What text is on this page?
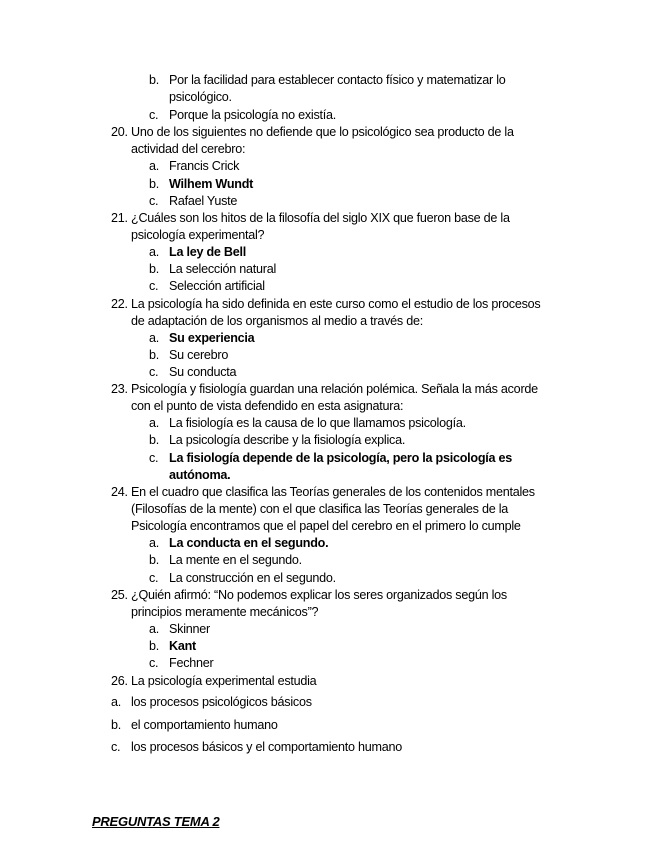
b. Por la facilidad para establecer contacto físico y matematizar lo
psicológico.
c. Porque la psicología no existía.
20. Uno de los siguientes no defiende que lo psicológico sea producto de la
actividad del cerebro:
a. Francis Crick
b. Wilhem Wundt
c. Rafael Yuste
21. ¿Cuáles son los hitos de la filosofía del siglo XIX que fueron base de la
psicología experimental?
a. La ley de Bell
b. La selección natural
c. Selección artificial
22. La psicología ha sido definida en este curso como el estudio de los procesos
de adaptación de los organismos al medio a través de:
a. Su experiencia
b. Su cerebro
c. Su conducta
23. Psicología y fisiología guardan una relación polémica. Señala la más acorde
con el punto de vista defendido en esta asignatura:
a. La fisiología es la causa de lo que llamamos psicología.
b. La psicología describe y la fisiología explica.
c. La fisiología depende de la psicología, pero la psicología es
autónoma.
24. En el cuadro que clasifica las Teorías generales de los contenidos mentales
(Filosofías de la mente) con el que clasifica las Teorías generales de la
Psicología encontramos que el papel del cerebro en el primero lo cumple
a. La conducta en el segundo.
b. La mente en el segundo.
c. La construcción en el segundo.
25. ¿Quién afirmó: “No podemos explicar los seres organizados según los
principios meramente mecánicos”?
a. Skinner
b. Kant
c. Fechner
26. La psicología experimental estudia
a. los procesos psicológicos básicos
b. el comportamiento humano
c. los procesos básicos y el comportamiento humano
PREGUNTAS TEMA 2
